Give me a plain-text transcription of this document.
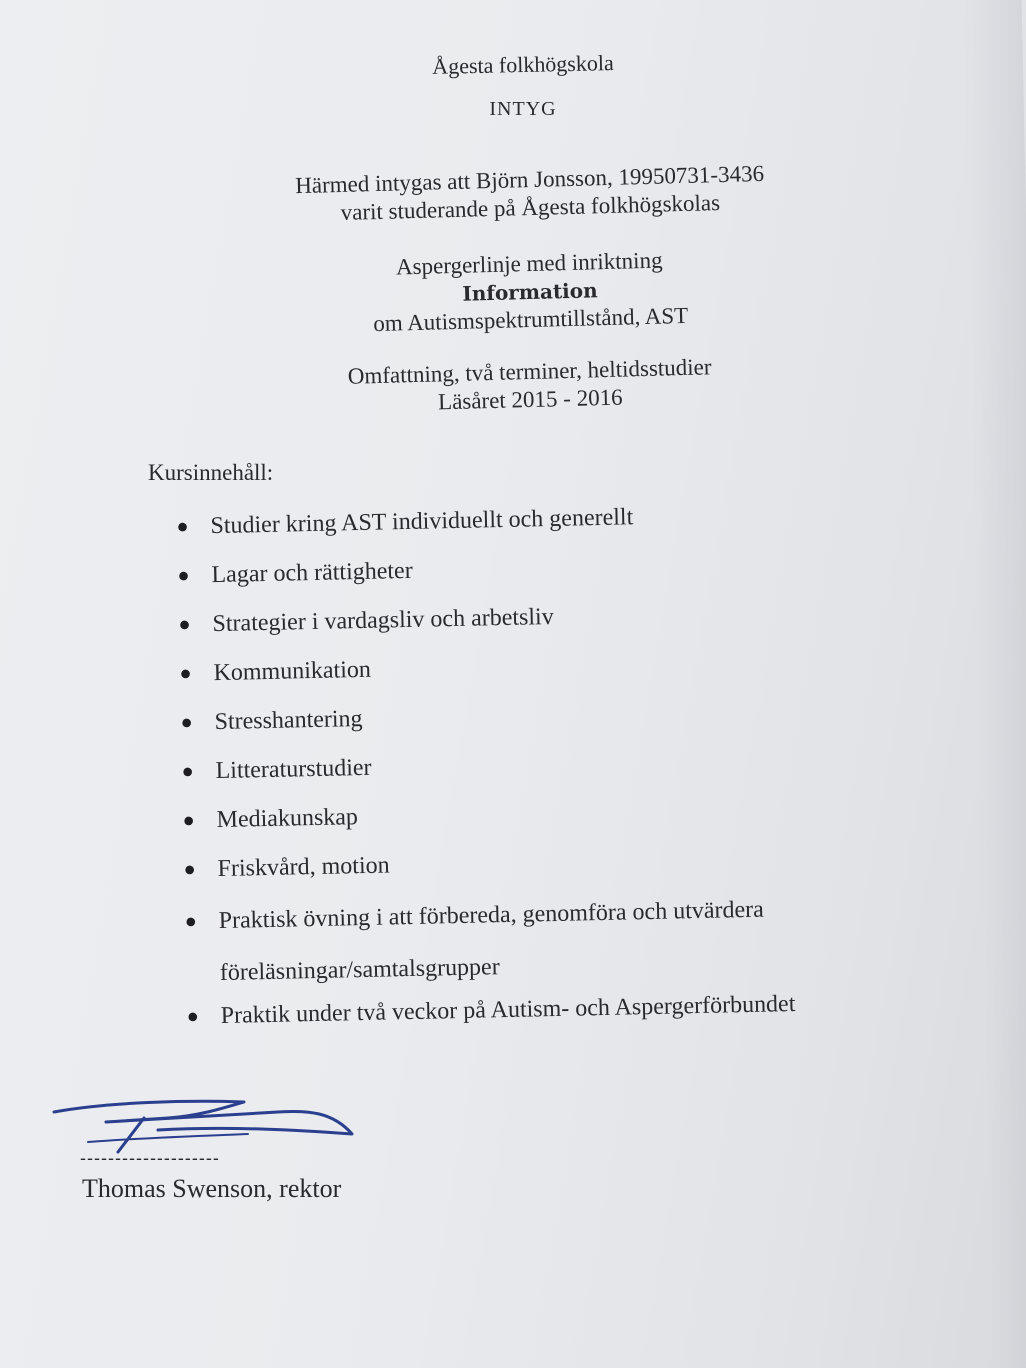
Ågesta folkhögskola
INTYG
Härmed intygas att Björn Jonsson, 19950731-3436
varit studerande på Ågesta folkhögskolas
Aspergerlinje med inriktning
Information
om Autismspektrumtillstånd, AST
Omfattning, två terminer, heltidsstudier
Läsåret 2015 - 2016
Kursinnehåll:
● Studier kring AST individuellt och generellt
● Lagar och rättigheter
● Strategier i vardagsliv och arbetsliv
● Kommunikation
● Stresshantering
● Litteraturstudier
● Mediakunskap
● Friskvård, motion
● Praktisk övning i att förbereda, genomföra och utvärdera
föreläsningar/samtalsgrupper
● Praktik under två veckor på Autism- och Aspergerförbundet
--------------------
Thomas Swenson, rektor
